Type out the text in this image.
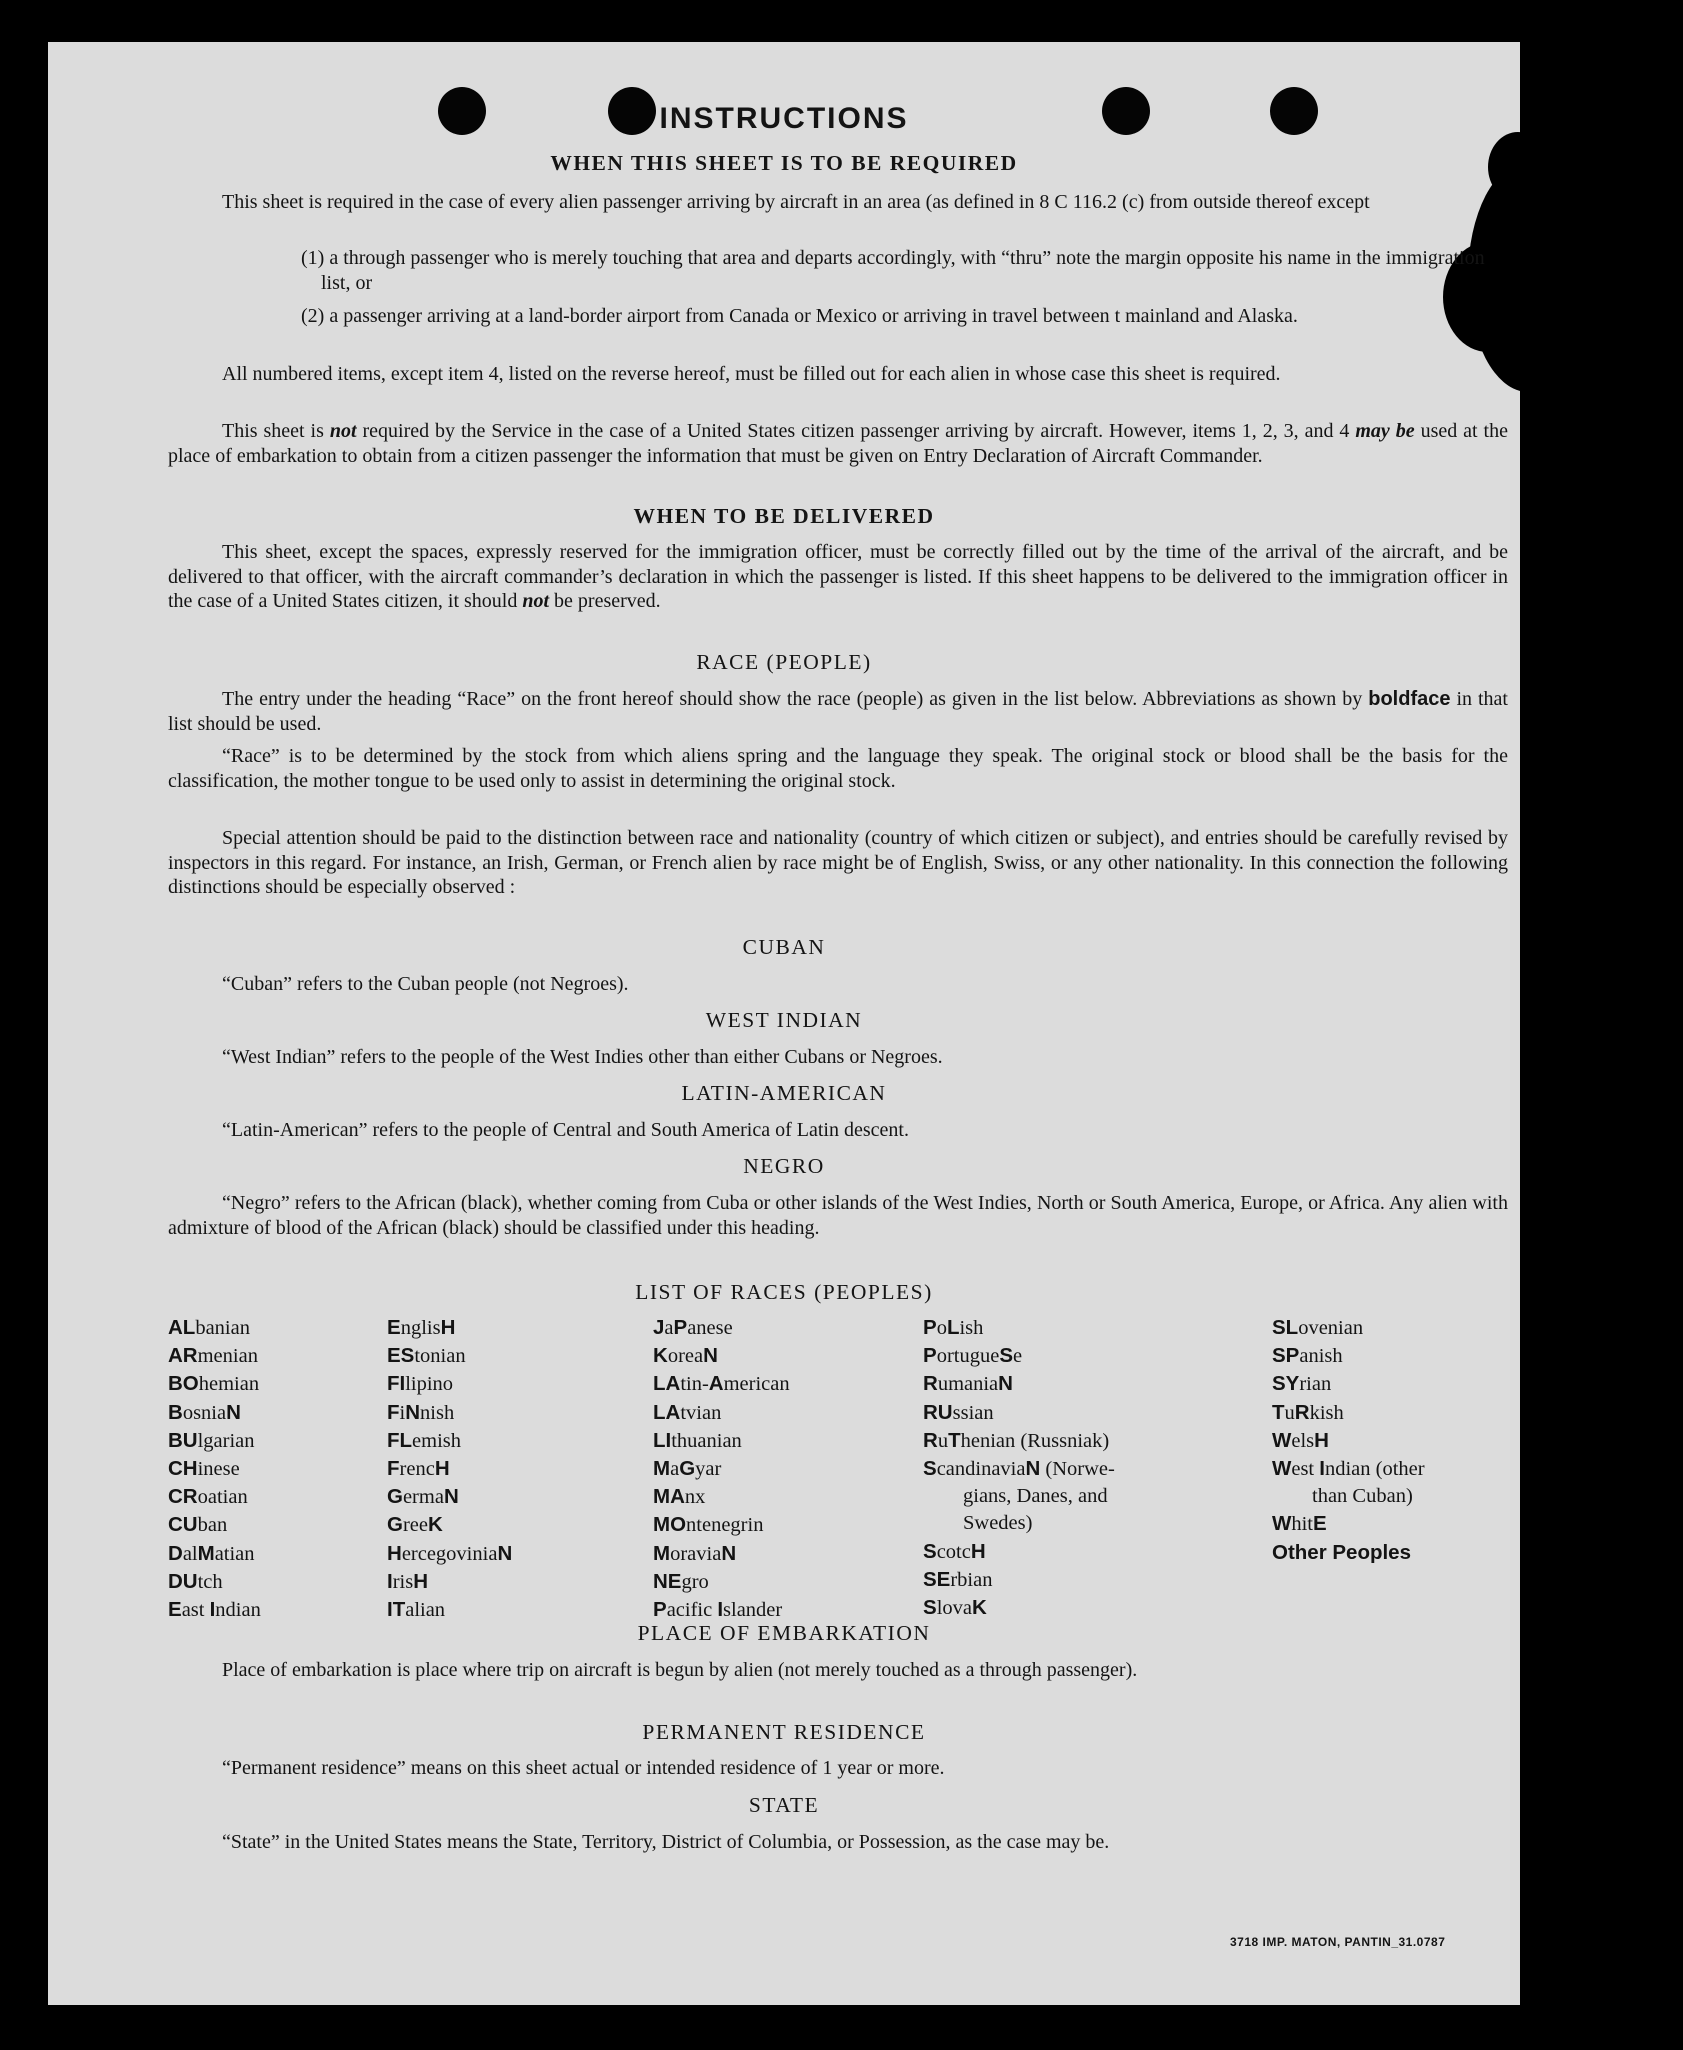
INSTRUCTIONS
WHEN THIS SHEET IS TO BE REQUIRED

This sheet is required in the case of every alien passenger arriving by aircraft in an area (as defined in 8 C 116.2 (c) from outside thereof except

(1) a through passenger who is merely touching that area and departs accordingly, with “thru” note the margin opposite his name in the immigration list, or

(2) a passenger arriving at a land-border airport from Canada or Mexico or arriving in travel between t mainland and Alaska.

All numbered items, except item 4, listed on the reverse hereof, must be filled out for each alien in whose case this sheet is required.

This sheet is not required by the Service in the case of a United States citizen passenger arriving by aircraft. However, items 1, 2, 3, and 4 may be used at the place of embarkation to obtain from a citizen passenger the information that must be given on Entry Declaration of Aircraft Commander.

WHEN TO BE DELIVERED

This sheet, except the spaces, expressly reserved for the immigration officer, must be correctly filled out by the time of the arrival of the aircraft, and be delivered to that officer, with the aircraft commander’s declaration in which the passenger is listed. If this sheet happens to be delivered to the immigration officer in the case of a United States citizen, it should not be preserved.

RACE (PEOPLE)

The entry under the heading “Race” on the front hereof should show the race (people) as given in the list below. Abbreviations as shown by boldface in that list should be used.

“Race” is to be determined by the stock from which aliens spring and the language they speak. The original stock or blood shall be the basis for the classification, the mother tongue to be used only to assist in determining the original stock.

Special attention should be paid to the distinction between race and nationality (country of which citizen or subject), and entries should be carefully revised by inspectors in this regard. For instance, an Irish, German, or French alien by race might be of English, Swiss, or any other nationality. In this connection the following distinctions should be especially observed :

CUBAN

“Cuban” refers to the Cuban people (not Negroes).

WEST INDIAN

“West Indian” refers to the people of the West Indies other than either Cubans or Negroes.

LATIN-AMERICAN

“Latin-American” refers to the people of Central and South America of Latin descent.

NEGRO

“Negro” refers to the African (black), whether coming from Cuba or other islands of the West Indies, North or South America, Europe, or Africa. Any alien with admixture of blood of the African (black) should be classified under this heading.

LIST OF RACES (PEOPLES)
ALbanian
ARmenian
BOhemian
BosniaN
BUlgarian
CHinese
CRoatian
CUban
DalMatian
DUtch
East Indian
EnglisH
EStonian
FIlipino
FiNnish
FLemish
FrencH
GermaN
GreeK
HercegoviniaN
IrisH
ITalian
JaPanese
KoreaN
LAtin-American
LAtvian
LIthuanian
MaGyar
MAnx
MOntenegrin
MoraviaN
NEgro
Pacific Islander
PoLish
PortugueSe
RumaniaN
RUssian
RuThenian (Russniak)
ScandinaviaN (Norwe-
gians, Danes, and
Swedes)
ScotcH
SErbian
SlovaK
SLovenian
SPanish
SYrian
TuRkish
WelsH
West Indian (other
than Cuban)
WhitE
Other Peoples
PLACE OF EMBARKATION

Place of embarkation is place where trip on aircraft is begun by alien (not merely touched as a through passenger).

PERMANENT RESIDENCE

“Permanent residence” means on this sheet actual or intended residence of 1 year or more.

STATE

“State” in the United States means the State, Territory, District of Columbia, or Possession, as the case may be.

3718 IMP. MATON, PANTIN_31.0787
